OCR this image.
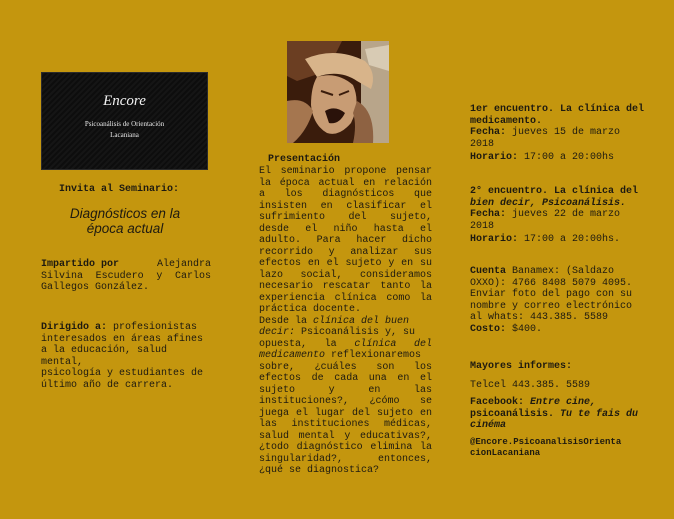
Encore
Psicoanálisis de Orientación
Lacaniana
Invita al Seminario:
Diagnósticos en la
época actual
Impartido por	Alejandra
Silvina Escudero y Carlos
Gallegos González.
Dirigido a: profesionistas
interesados en áreas afines
a la educación, salud mental,
psicología y estudiantes de
último año de carrera.
Presentación
El seminario propone pensar
la época actual en relación
a los diagnósticos que
insisten en clasificar el
sufrimiento del sujeto,
desde el niño hasta el
adulto. Para hacer dicho
recorrido y analizar sus
efectos en el sujeto y en su
lazo social, consideramos
necesario rescatar tanto la
experiencia clínica como la
práctica docente.
Desde la clínica del buen
decir: Psicoanálisis y, su
opuesta, la clínica del
medicamento reflexionaremos
sobre, ¿cuáles son los
efectos de cada una en el
sujeto y en las
instituciones?, ¿cómo se
juega el lugar del sujeto en
las instituciones médicas,
salud mental y educativas?,
¿todo diagnóstico elimina la
singularidad?, entonces,
¿qué se diagnostica?
1er encuentro. La clínica del
medicamento.
Fecha: jueves 15 de marzo
2018
Horario: 17:00 a 20:00hs
2° encuentro. La clínica del
bien decir, Psicoanálisis.
Fecha: jueves 22 de marzo
2018
Horario: 17:00 a 20:00hs.
Cuenta Banamex: (Saldazo
OXXO): 4766 8408 5079 4095.
Enviar foto del pago con su
nombre y correo electrónico
al whats: 443.385. 5589
Costo: $400.
Mayores informes:
Telcel 443.385. 5589
Facebook: Entre cine,
psicoanálisis. Tu te fais du
cinéma
@Encore.PsicoanalisisOrienta
cionLacaniana
